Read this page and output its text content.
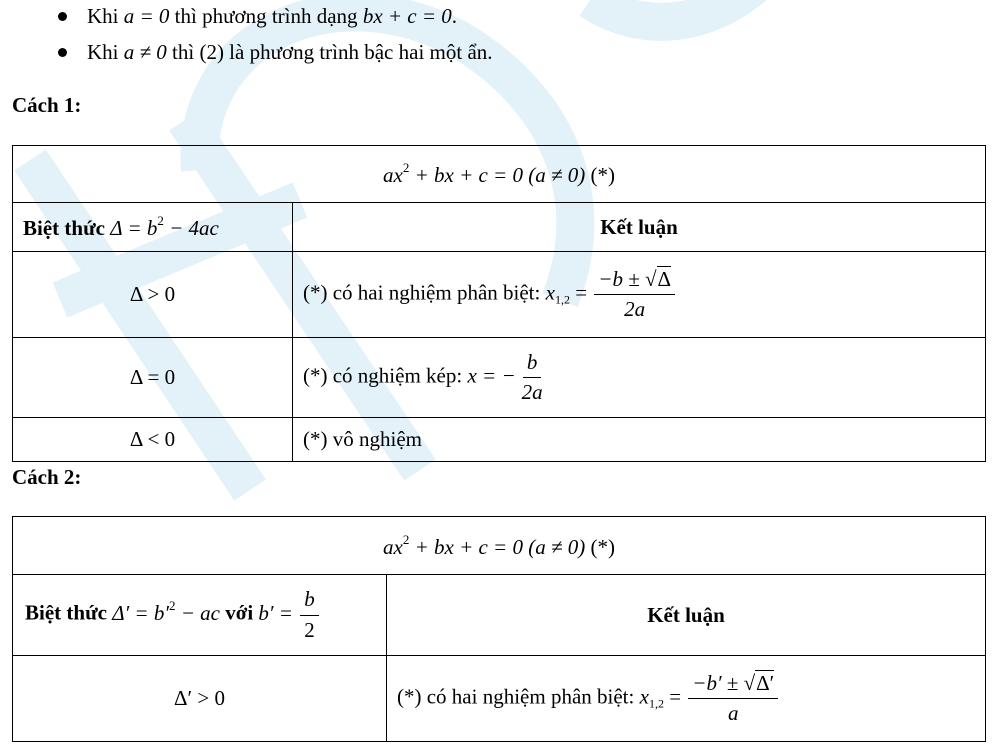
Khi a = 0 thì phương trình dạng bx + c = 0.
Khi a ≠ 0 thì (2) là phương trình bậc hai một ẩn.
Cách 1:
$ax^2$ + bx + c = 0 (a ≠ 0) (*)	
Biệt thức $\Delta = b^2 - 4ac$	Kết luận
Δ > 0	(*) có hai nghiệm phân biệt: $x_{1,2} = \frac{-b \pm √\Delta}{2a}$

Δ = 0	(*) có nghiệm kép: x = − $\frac{b}{2a}$

Δ < 0	(*) vô nghiệm
Cách 2:
$ax^2$ + bx + c = 0 (a ≠ 0) (*)	
Biệt thức $\Delta' = b'^2$ − ac với $b' = \frac{b}{2}$	Kết luận
Δ′ > 0	(*) có hai nghiệm phân biệt: $x_{1,2} = \frac{-b' \pm √\Delta'}{a}$
